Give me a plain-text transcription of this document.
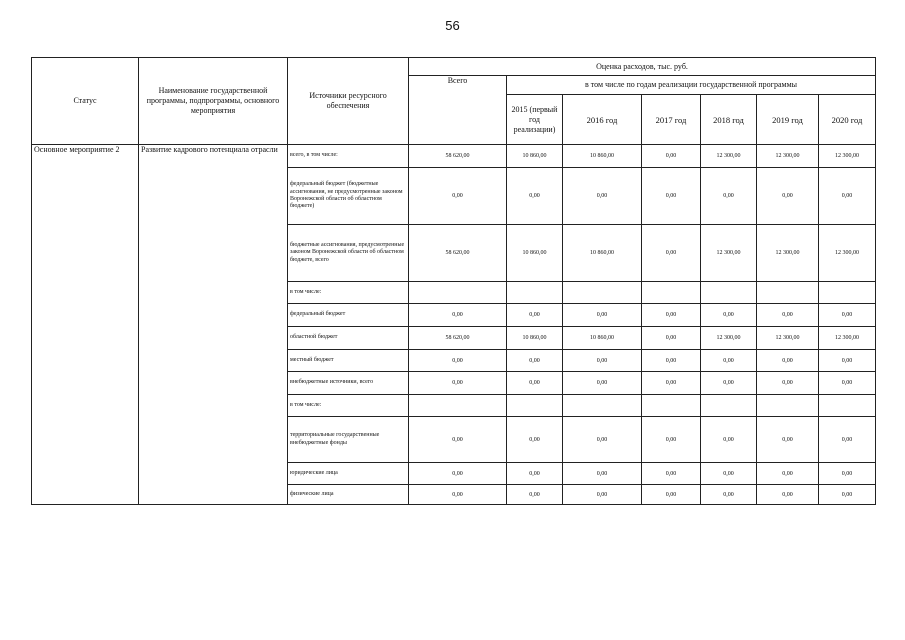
56
Статус	Наименование государственной программы, подпрограммы, основного мероприятия	Источники ресурсного обеспечения	Оценка расходов, тыс. руб.						
			Всего	в том числе по годам реализации государственной программы					
				2015 (первый год реализации)	2016 год	2017 год	2018 год	2019 год	2020 год
Основное мероприятие 2	Развитие кадрового потенциала отрасли	всего, в том числе:	58 620,00	10 860,00	10 860,00	0,00	12 300,00	12 300,00	12 300,00
		федеральный бюджет (бюджетные ассигнования, не предусмотренные законом Воронежской области об областном бюджете)	0,00	0,00	0,00	0,00	0,00	0,00	0,00
		бюджетные ассигнования, предусмотренные законом Воронежской области об областном бюджете, всего	58 620,00	10 860,00	10 860,00	0,00	12 300,00	12 300,00	12 300,00
		в том числе:							
		федеральный бюджет	0,00	0,00	0,00	0,00	0,00	0,00	0,00
		областной бюджет	58 620,00	10 860,00	10 860,00	0,00	12 300,00	12 300,00	12 300,00
		местный бюджет	0,00	0,00	0,00	0,00	0,00	0,00	0,00
		внебюджетные источники, всего	0,00	0,00	0,00	0,00	0,00	0,00	0,00
		в том числе:							
		территориальные государственные внебюджетные фонды	0,00	0,00	0,00	0,00	0,00	0,00	0,00
		юридические лица	0,00	0,00	0,00	0,00	0,00	0,00	0,00
		физические лица	0,00	0,00	0,00	0,00	0,00	0,00	0,00
